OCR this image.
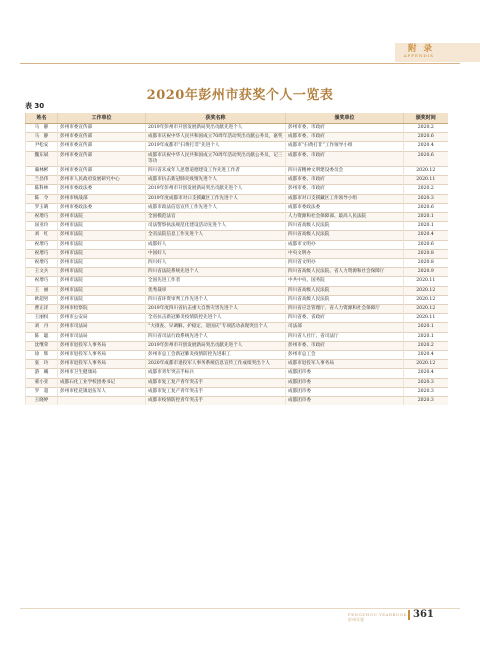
附 录
APPENDIX
2020年彭州市获奖个人一览表
表 30
姓名	工作单位	获奖名称	颁奖单位	颁奖时间
马　静	彭州市委宣传部	2019年彭州市开创发展新局突出贡献先进个人	彭州市委、市政府	2020.2
马　静	彭州市委宣传部	成都市庆祝中华人民共和国成立70周年活动突出贡献公务员，嘉奖	成都市委、市政府	2020.6
尹松安	彭州市委宣传部	2019年成都市“扫黄打非”先进个人	成都市“扫黄打非”工作领导小组	2020.4
魏东斌	彭州市委宣传部	成都市庆祝中华人民共和国成立70周年活动突出贡献公务员，记三等功	成都市委、市政府	2020.6
蔺林彬	彭州市委宣传部	四川省未成年人思想道德建设工作先进工作者	四川省精神文明建设委员会	2020.12
兰昌伟	彭州市人民政府发展研究中心	成都市抗击新冠肺炎疫情先进个人	成都市委、市政府	2020.11
陈科林	彭州市委政法委	2019年彭州市开创发展新局突出贡献先进个人	彭州市委、市政府	2020.2
陈　令	彭州市统战部	2019年度成都市对口支援藏区工作先进个人	成都市对口支援藏区工作领导小组	2020.3
罗玉晴	彭州市委政法委	成都市政法信息宣传工作先进个人	成都市委政法委	2020.6
祝增巧	彭州市法院	全国模范法官	人力资源和社会保障部、最高人民法院	2020.1
屈亚玲	彭州市法院	司法警察执法规范化建设活动先进个人	四川省高级人民法院	2020.1
刘　红	彭州市法院	全省法院信息工作先进个人	四川省高级人民法院	2020.4
祝增巧	彭州市法院	成都好人	成都市文明办	2020.6
祝增巧	彭州市法院	中国好人	中央文明办	2020.8
祝增巧	彭州市法院	四川好人	四川省文明办	2020.8
王文兵	彭州市法院	四川省法院系统先进个人	四川省高级人民法院、省人力资源和社会保障厅	2020.9
祝增巧	彭州市法院	全国先进工作者	中共中央、国务院	2020.11
王　丽	彭州市法院	优秀裁审	四川省高级人民法院	2020.12
欧超男	彭州市法院	四川省环资审判工作先进个人	四川省高级人民法院	2020.12
曹正洋	彭州市检察院	2019年度四川省抗击重大自然灾害先进个人	四川省应急管理厅、省人力资源和社会保障厅	2020.12
王丽权	彭州市公安局	全省抗击新冠肺炎疫情防控先进个人	四川省委、省政府	2020.11
刘　丹	彭州市司法局	“大排查、早调解、护稳定、迎国庆”专项活动表现突出个人	司法部	2020.1
陈　聪	彭州市司法局	四川省司法行政系统先进个人	四川省人社厅、省司法厅	2020.1
沈继荣	彭州市退役军人事务局	2019年彭州市开创发展新局突出贡献先进个人	彭州市委、市政府	2020.2
徐　辉	彭州市退役军人事务局	彭州市总工会新冠肺炎疫情防控先进职工	彭州市总工会	2020.4
张　玲	彭州市退役军人事务局	2020年成都市退役军人事务系统信息宣传工作成绩突出个人	成都市退役军人事务局	2020.12
游　曦	彭州市卫生健康局	成都市青年突击手标兵	成都团市委	2020.4
蒙小亚	成都石化工业学校团委书记	成都市复工复产青年突击手	成都团市委	2020.3
罗　超	彭州市桂花镇退伍军人	成都市复工复产青年突击手	成都团市委	2020.3
王晓婷		成都市疫情防控青年突击手	成都团市委	2020.3
PENGZHOU YEARBOOK
彭州年鉴	361
